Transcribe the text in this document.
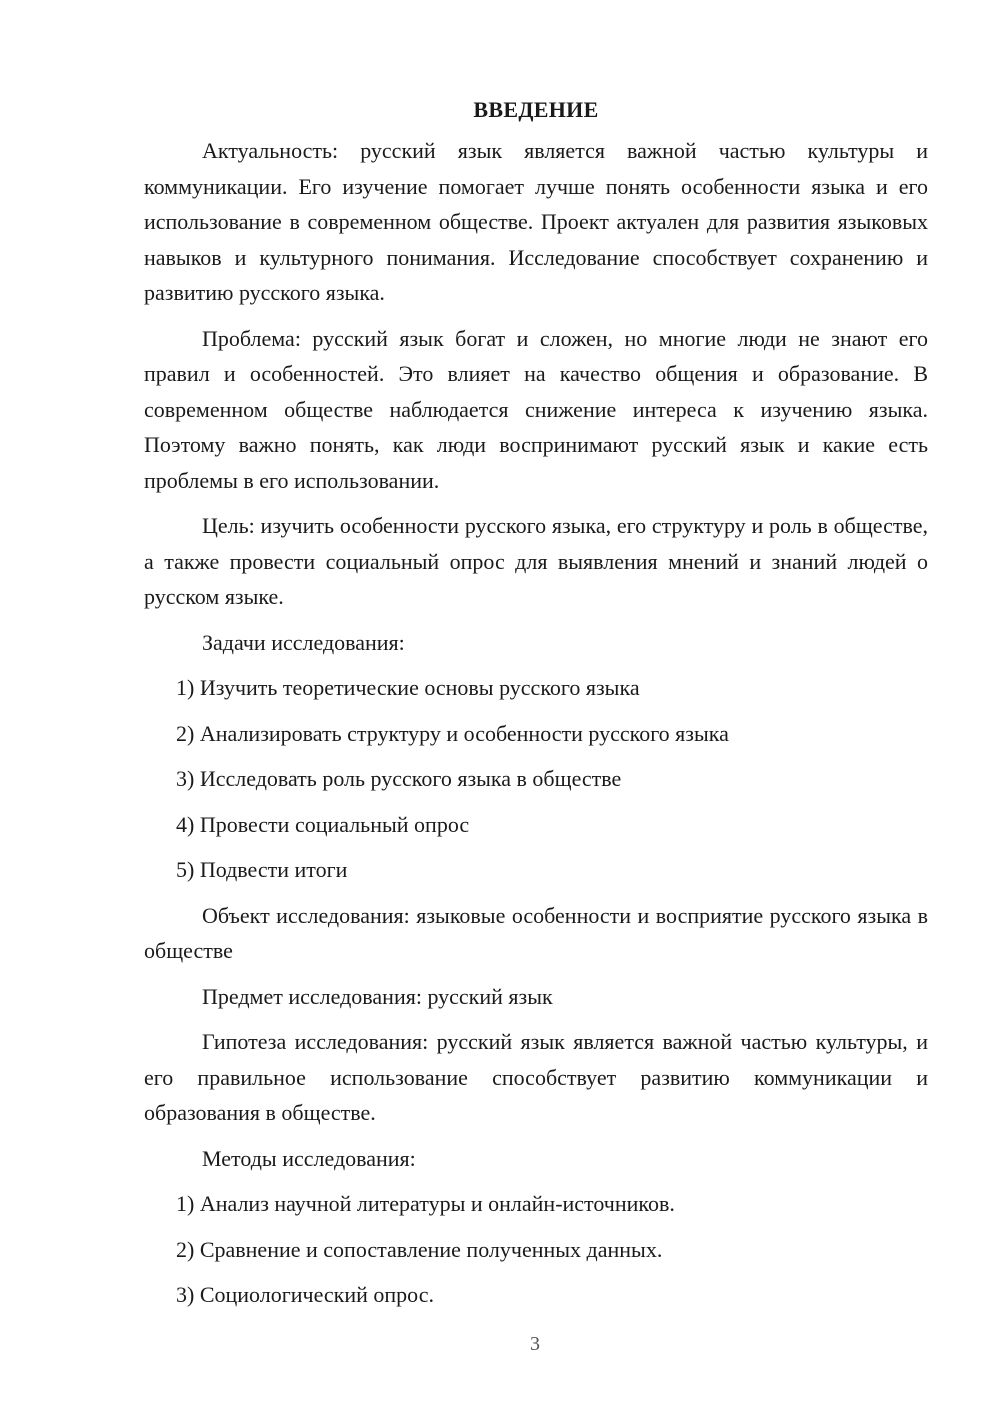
ВВЕДЕНИЕ

Актуальность: русский язык является важной частью культуры и коммуникации. Его изучение помогает лучше понять особенности языка и его использование в современном обществе. Проект актуален для развития языковых навыков и культурного понимания. Исследование способствует сохранению и развитию русского языка.

Проблема: русский язык богат и сложен, но многие люди не знают его правил и особенностей. Это влияет на качество общения и образование. В современном обществе наблюдается снижение интереса к изучению языка. Поэтому важно понять, как люди воспринимают русский язык и какие есть проблемы в его использовании.

Цель: изучить особенности русского языка, его структуру и роль в обществе, а также провести социальный опрос для выявления мнений и знаний людей о русском языке.

Задачи исследования:

1) Изучить теоретические основы русского языка
2) Анализировать структуру и особенности русского языка
3) Исследовать роль русского языка в обществе
4) Провести социальный опрос
5) Подвести итоги

Объект исследования: языковые особенности и восприятие русского языка в обществе

Предмет исследования: русский язык

Гипотеза исследования: русский язык является важной частью культуры, и его правильное использование способствует развитию коммуникации и образования в обществе.

Методы исследования:

1) Анализ научной литературы и онлайн-источников.
2) Сравнение и сопоставление полученных данных.
3) Социологический опрос.
3
